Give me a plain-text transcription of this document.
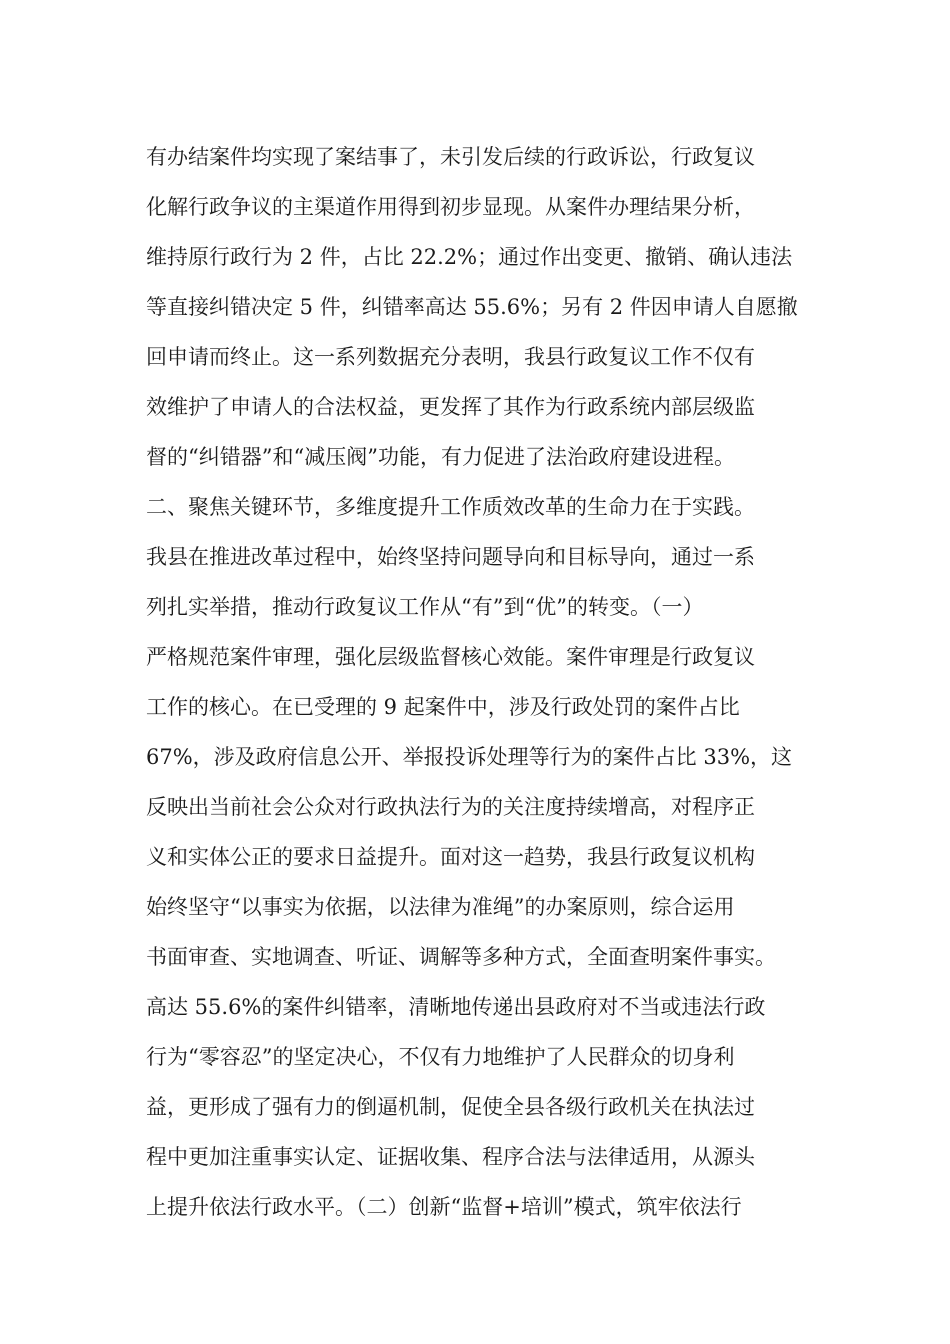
有办结案件均实现了案结事了，未引发后续的行政诉讼，行政复议
化解行政争议的主渠道作用得到初步显现。从案件办理结果分析，
维持原行政行为 2 件，占比 22.2%；通过作出变更、撤销、确认违法
等直接纠错决定 5 件，纠错率高达 55.6%；另有 2 件因申请人自愿撤
回申请而终止。这一系列数据充分表明，我县行政复议工作不仅有
效维护了申请人的合法权益，更发挥了其作为行政系统内部层级监
督的“纠错器”和“减压阀”功能，有力促进了法治政府建设进程。
二、聚焦关键环节，多维度提升工作质效改革的生命力在于实践。
我县在推进改革过程中，始终坚持问题导向和目标导向，通过一系
列扎实举措，推动行政复议工作从“有”到“优”的转变。（一）
严格规范案件审理，强化层级监督核心效能。案件审理是行政复议
工作的核心。在已受理的 9 起案件中，涉及行政处罚的案件占比
67%，涉及政府信息公开、举报投诉处理等行为的案件占比 33%，这
反映出当前社会公众对行政执法行为的关注度持续增高，对程序正
义和实体公正的要求日益提升。面对这一趋势，我县行政复议机构
始终坚守“以事实为依据，以法律为准绳”的办案原则，综合运用
书面审查、实地调查、听证、调解等多种方式，全面查明案件事实。
高达 55.6%的案件纠错率，清晰地传递出县政府对不当或违法行政
行为“零容忍”的坚定决心，不仅有力地维护了人民群众的切身利
益，更形成了强有力的倒逼机制，促使全县各级行政机关在执法过
程中更加注重事实认定、证据收集、程序合法与法律适用，从源头
上提升依法行政水平。（二）创新“监督+培训”模式，筑牢依法行
